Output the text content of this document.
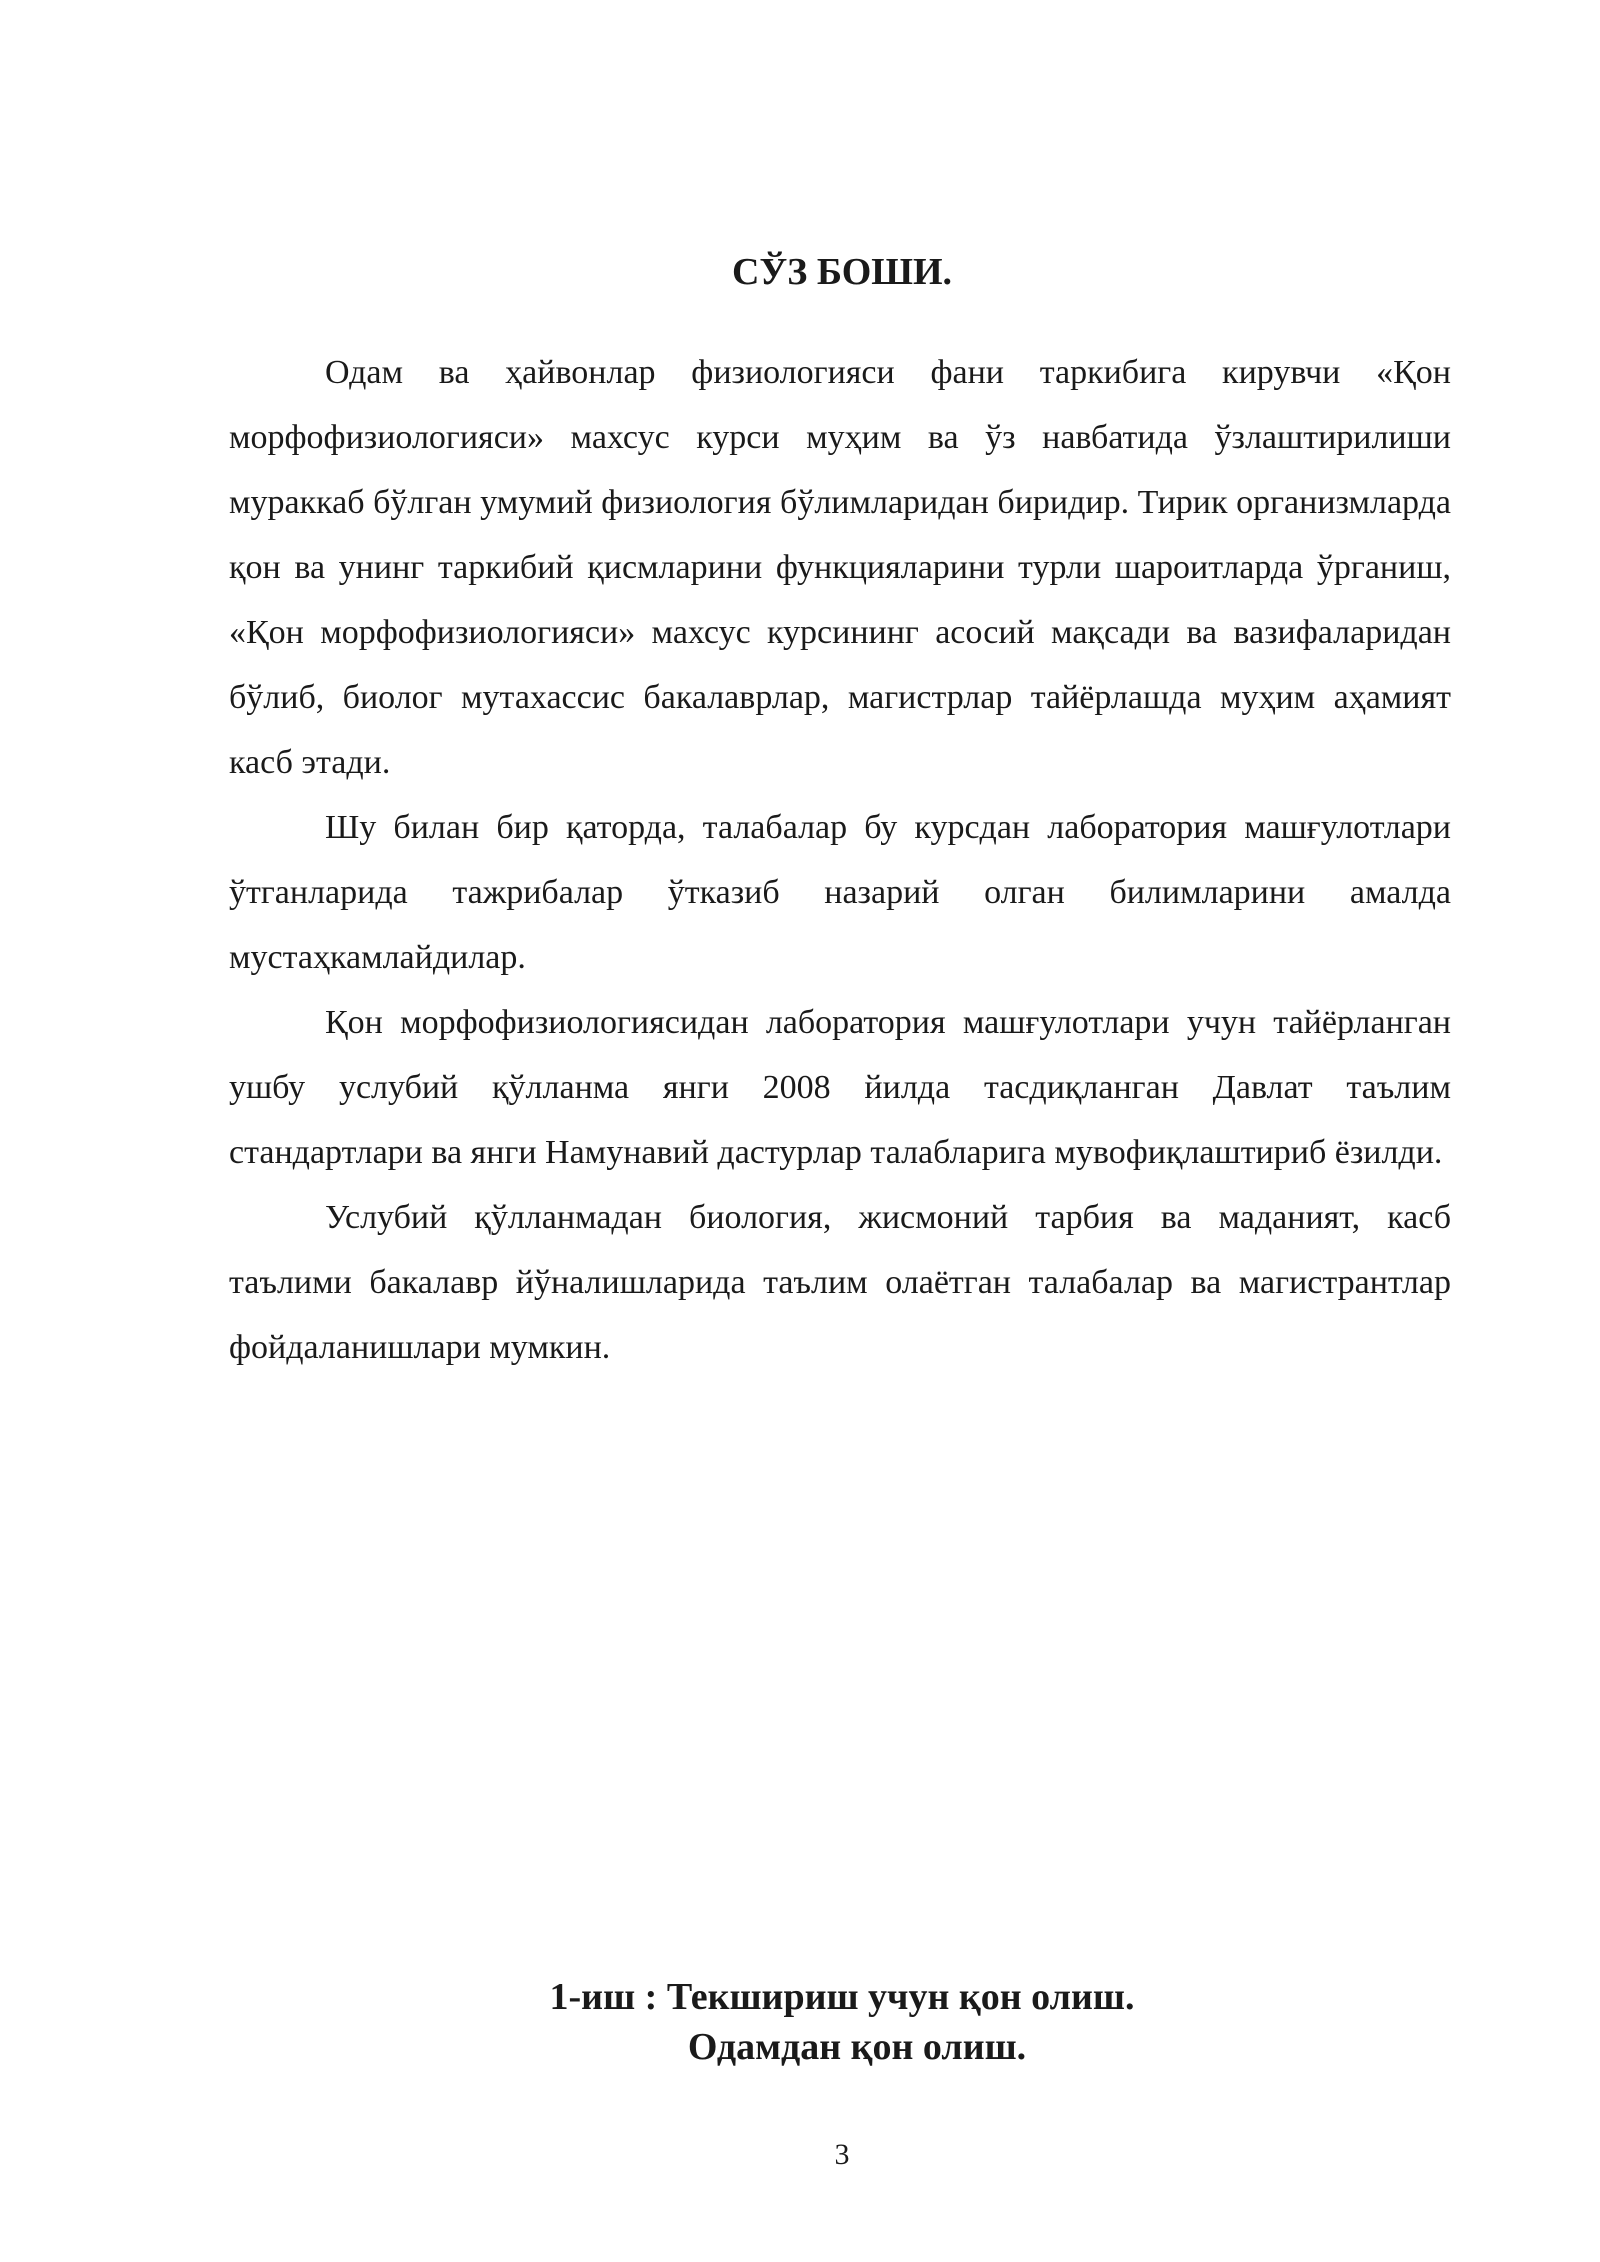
СЎЗ БОШИ.

Одам ва ҳайвонлар физиологияси фани таркибига кирувчи «Қон морфофизиологияси» махсус курси муҳим ва ўз навбатида ўзлаштирилиши мураккаб бўлган умумий физиология бўлимларидан биридир. Тирик организмларда қон ва унинг таркибий қисмларини функцияларини турли шароитларда ўрганиш, «Қон морфофизиологияси» махсус курсининг асосий мақсади ва вазифаларидан бўлиб, биолог мутахассис бакалаврлар, магистрлар тайёрлашда муҳим аҳамият касб этади.

Шу билан бир қаторда, талабалар бу курсдан лаборатория машғулотлари ўтганларида тажрибалар ўтказиб назарий олган билимларини амалда мустаҳкамлайдилар.

Қон морфофизиологиясидан лаборатория машғулотлари учун тайёрланган ушбу услубий қўлланма янги 2008 йилда тасдиқланган Давлат таълим стандартлари ва янги Намунавий дастурлар талабларига мувофиқлаштириб ёзилди.

Услубий қўлланмадан биология, жисмоний тарбия ва маданият, касб таълими бакалавр йўналишларида таълим олаётган талабалар ва магистрантлар фойдаланишлари мумкин.

1-иш : Текшириш учун қон олиш.
Одамдан қон олиш.
3
